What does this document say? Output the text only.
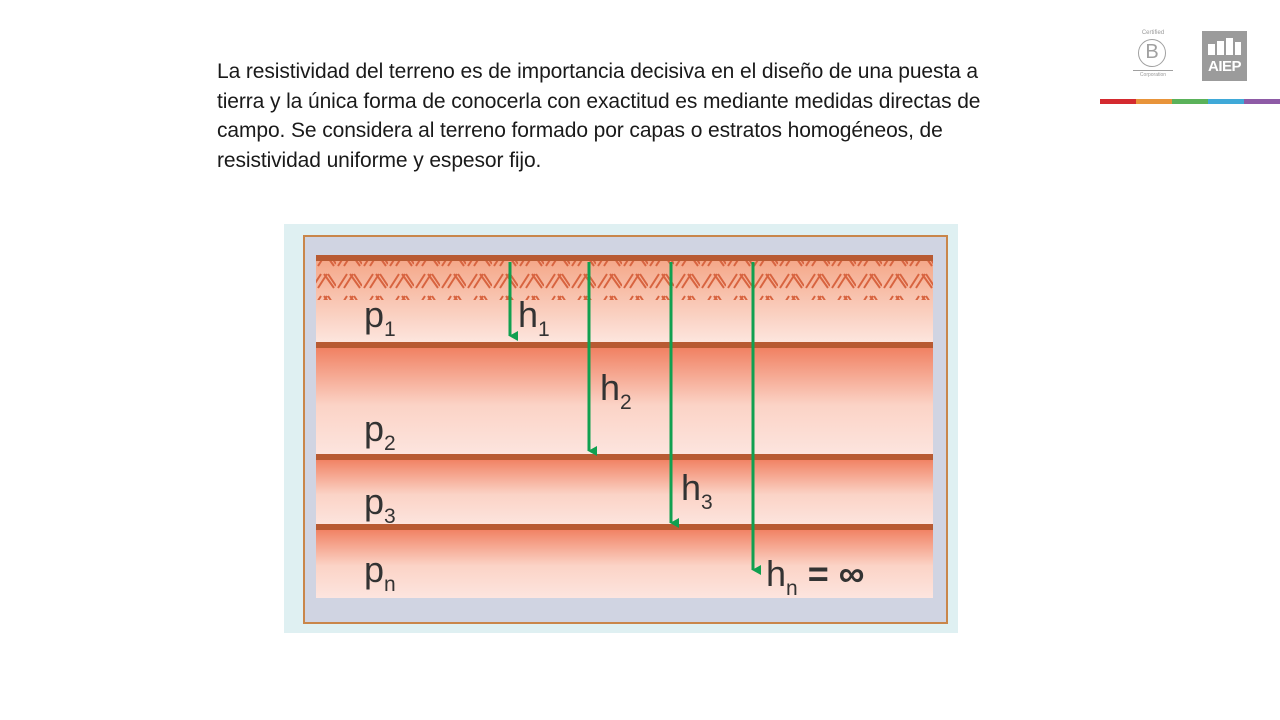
La resistividad del terreno es de importancia decisiva en el diseño de una puesta a tierra y la única forma de conocerla con exactitud es mediante medidas directas de campo. Se considera al terreno formado por capas o estratos homogéneos, de resistividad uniforme y espesor fijo.
Certified
B
Corporation	AIEP
$p_1$
$p_2$
$p_3$
$p_n$
$h_1$
$h_2$
$h_3$
$h_n$ = ∞
